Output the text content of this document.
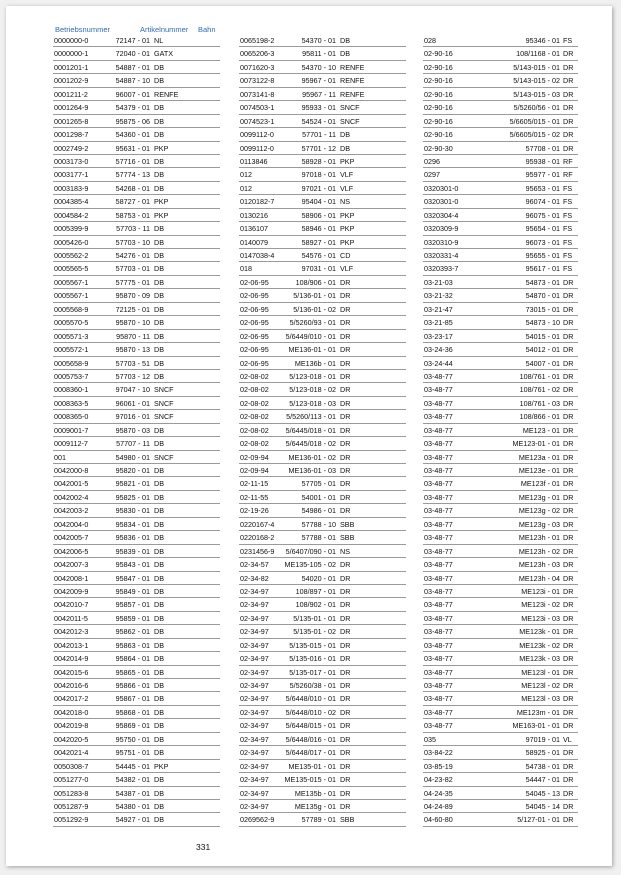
Betriebsnummer	Artikelnummer Bahn
0000000-0	72147 - 01 NL
0000000-1	72040 - 01 GATX
0001201-1	54887 - 01 DB
0001202-9	54887 - 10 DB
0001211-2	96007 - 01 RENFE
0001264-9	54379 - 01 DB
0001265-8	95875 - 06 DB
0001298-7	54360 - 01 DB
0002749-2	95631 - 01 PKP
0003173-0	57716 - 01 DB
0003177-1	57774 - 13 DB
0003183-9	54268 - 01 DB
0004385-4	58727 - 01 PKP
0004584-2	58753 - 01 PKP
0005399-9	57703 - 11 DB
0005426-0	57703 - 10 DB
0005562-2	54276 - 01 DB
0005565-5	57703 - 01 DB
0005567-1	57775 - 01 DB
0005567-1	95870 - 09 DB
0005568-9	72125 - 01 DB
0005570-5	95870 - 10 DB
0005571-3	95870 - 11 DB
0005572-1	95870 - 13 DB
0005658-9	57703 - 51 DB
0005753-7	57703 - 12 DB
0008360-1	97047 - 10 SNCF
0008363-5	96061 - 01 SNCF
0008365-0	97016 - 01 SNCF
0009001-7	95870 - 03 DB
0009112-7	57707 - 11 DB
001	54980 - 01 SNCF
0042000-8	95820 - 01 DB
0042001-5	95821 - 01 DB
0042002-4	95825 - 01 DB
0042003-2	95830 - 01 DB
0042004-0	95834 - 01 DB
0042005-7	95836 - 01 DB
0042006-5	95839 - 01 DB
0042007-3	95843 - 01 DB
0042008-1	95847 - 01 DB
0042009-9	95849 - 01 DB
0042010-7	95857 - 01 DB
0042011-5	95859 - 01 DB
0042012-3	95862 - 01 DB
0042013-1	95863 - 01 DB
0042014-9	95864 - 01 DB
0042015-6	95865 - 01 DB
0042016-6	95866 - 01 DB
0042017-2	95867 - 01 DB
0042018-0	95868 - 01 DB
0042019-8	95869 - 01 DB
0042020-5	95750 - 01 DB
0042021-4	95751 - 01 DB
0050308-7	54445 - 01 PKP
0051277-0	54382 - 01 DB
0051283-8	54387 - 01 DB
0051287-9	54380 - 01 DB
0051292-9	54927 - 01 DB
0065198-2	54370 - 01 DB
0065206-3	95811 - 01 DB
0071620-3	54370 - 10 RENFE
0073122-8	95967 - 01 RENFE
0073141-8	95967 - 11 RENFE
0074503-1	95933 - 01 SNCF
0074523-1	54524 - 01 SNCF
0099112-0	57701 - 11 DB
0099112-0	57701 - 12 DB
0113846	58928 - 01 PKP
012	97018 - 01 VLF
012	97021 - 01 VLF
0120182-7	95404 - 01 NS
0130216	58906 - 01 PKP
0136107	58946 - 01 PKP
0140079	58927 - 01 PKP
0147038-4	54576 - 01 CD
018	97031 - 01 VLF
02-06-95	108/906 - 01 DR
02-06-95	5/136-01 - 01 DR
02-06-95	5/136-01 - 02 DR
02-06-95	5/5260/93 - 01 DR
02-06-95 5/6449/010 - 01 DR
02-06-95	ME136-01 - 01 DR
02-06-95	ME136b - 01 DR
02-08-02	5/123-018 - 01 DR
02-08-02	5/123-018 - 02 DR
02-08-02	5/123-018 - 03 DR
02-08-02 5/5260/113 - 01 DR
02-08-02 5/6445/018 - 01 DR
02-08-02 5/6445/018 - 02 DR
02-09-94	ME136-01 - 02 DR
02-09-94	ME136-01 - 03 DR
02-11-15	57705 - 01 DR
02-11-55	54001 - 01 DR
02-19-26	54986 - 01 DR
0220167-4	57788 - 10 SBB
0220168-2	57788 - 01 SBB
0231456-9 5/6407/090 - 01 NS
02-34-57 ME135-105 - 02 DR
02-34-82	54020 - 01 DR
02-34-97	108/897 - 01 DR
02-34-97	108/902 - 01 DR
02-34-97	5/135-01 - 01 DR
02-34-97	5/135-01 - 02 DR
02-34-97	5/135-015 - 01 DR
02-34-97	5/135-016 - 01 DR
02-34-97	5/135-017 - 01 DR
02-34-97	5/5260/38 - 01 DR
02-34-97 5/6448/010 - 01 DR
02-34-97 5/6448/010 - 02 DR
02-34-97 5/6448/015 - 01 DR
02-34-97 5/6448/016 - 01 DR
02-34-97 5/6448/017 - 01 DR
02-34-97	ME135-01 - 01 DR
02-34-97 ME135-015 - 01 DR
02-34-97	ME135b - 01 DR
02-34-97	ME135g - 01 DR
0269562-9	57789 - 01 SBB
028	95346 - 01 FS
02-90-16	108/1168 - 01 DR
02-90-16	5/143-015 - 01 DR
02-90-16	5/143-015 - 02 DR
02-90-16	5/143-015 - 03 DR
02-90-16	5/5260/56 - 01 DR
02-90-16	5/6605/015 - 01 DR
02-90-16	5/6605/015 - 02 DR
02-90-30	57708 - 01 DR
0296	95938 - 01 RF
0297	95977 - 01 RF
0320301-0	95653 - 01 FS
0320301-0	96074 - 01 FS
0320304-4	96075 - 01 FS
0320309-9	95654 - 01 FS
0320310-9	96073 - 01 FS
0320331-4	95655 - 01 FS
0320393-7	95617 - 01 FS
03-21-03	54873 - 01 DR
03-21-32	54870 - 01 DR
03-21-47	73015 - 01 DR
03-21-85	54873 - 10 DR
03-23-17	54015 - 01 DR
03-24-36	54012 - 01 DR
03-24-44	54007 - 01 DR
03-48-77	108/761 - 01 DR
03-48-77	108/761 - 02 DR
03-48-77	108/761 - 03 DR
03-48-77	108/866 - 01 DR
03-48-77	ME123 - 01 DR
03-48-77	ME123-01 - 01 DR
03-48-77	ME123a - 01 DR
03-48-77	ME123e - 01 DR
03-48-77	ME123f - 01 DR
03-48-77	ME123g - 01 DR
03-48-77	ME123g - 02 DR
03-48-77	ME123g - 03 DR
03-48-77	ME123h - 01 DR
03-48-77	ME123h - 02 DR
03-48-77	ME123h - 03 DR
03-48-77	ME123h - 04 DR
03-48-77	ME123i - 01 DR
03-48-77	ME123i - 02 DR
03-48-77	ME123i - 03 DR
03-48-77	ME123k - 01 DR
03-48-77	ME123k - 02 DR
03-48-77	ME123k - 03 DR
03-48-77	ME123l - 01 DR
03-48-77	ME123l - 02 DR
03-48-77	ME123l - 03 DR
03-48-77	ME123m - 01 DR
03-48-77	ME163-01 - 01 DR
035	97019 - 01 VL
03-84-22	58925 - 01 DR
03-85-19	54738 - 01 DR
04-23-82	54447 - 01 DR
04-24-35	54045 - 13 DR
04-24-89	54045 - 14 DR
04-60-80	5/127-01 - 01 DR
331
